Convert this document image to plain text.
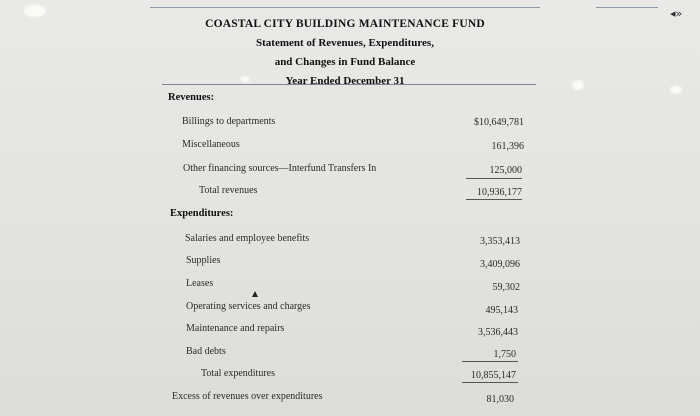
◂»
COASTAL CITY BUILDING MAINTENANCE FUND
Statement of Revenues, Expenditures,
and Changes in Fund Balance
Year Ended December 31
Revenues:
Billings to departments	$10,649,781
Miscellaneous	161,396
Other financing sources—Interfund Transfers In	125,000
Total revenues	10,936,177
Expenditures:
Salaries and employee benefits	3,353,413
Supplies	3,409,096
Leases	59,302
Operating services and charges	495,143
Maintenance and repairs	3,536,443
Bad debts	1,750
Total expenditures	10,855,147
Excess of revenues over expenditures	81,030
